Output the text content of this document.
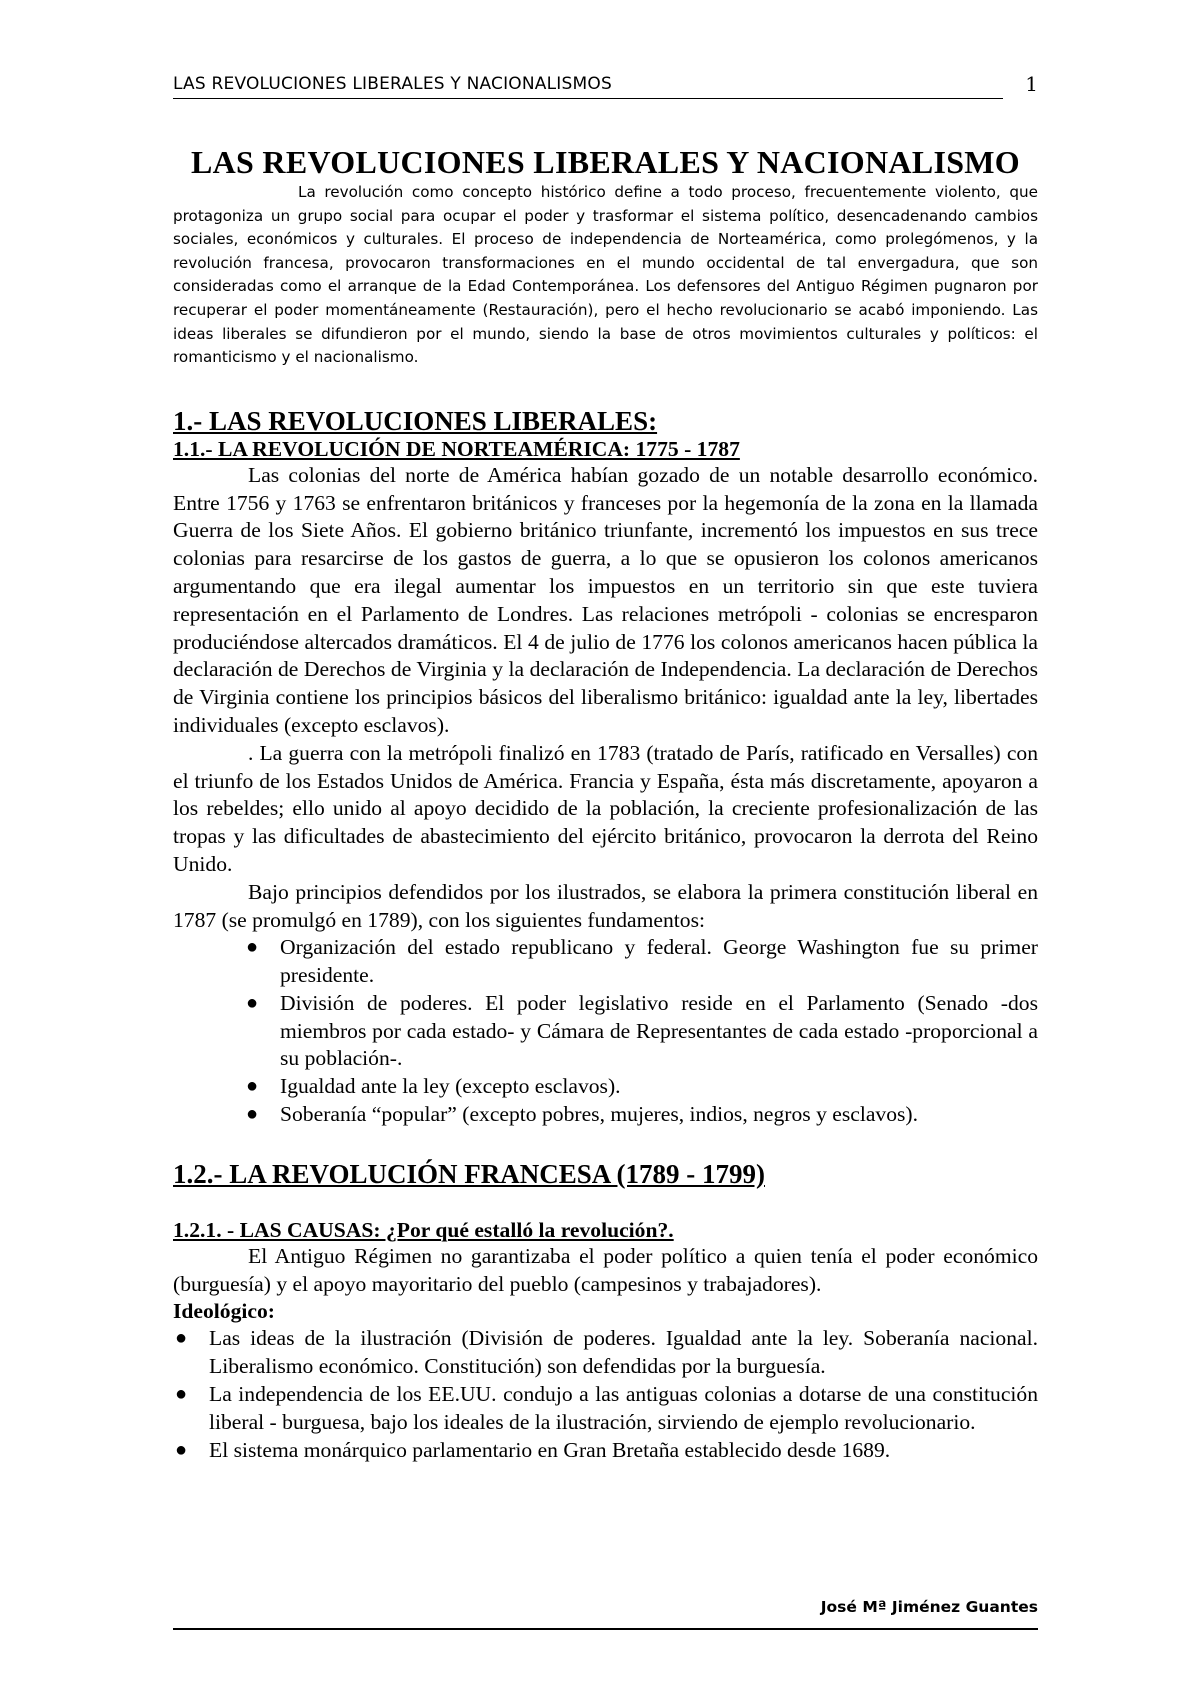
LAS REVOLUCIONES LIBERALES Y NACIONALISMOS	1
LAS REVOLUCIONES LIBERALES Y NACIONALISMO

La revolución como concepto histórico define a todo proceso, frecuentemente violento, que protagoniza un grupo social para ocupar el poder y trasformar el sistema político, desencadenando cambios sociales, económicos y culturales. El proceso de independencia de Norteamérica, como prolegómenos, y la revolución francesa, provocaron transformaciones en el mundo occidental de tal envergadura, que son consideradas como el arranque de la Edad Contemporánea. Los defensores del Antiguo Régimen pugnaron por recuperar el poder momentáneamente (Restauración), pero el hecho revolucionario se acabó imponiendo. Las ideas liberales se difundieron por el mundo, siendo la base de otros movimientos culturales y políticos: el romanticismo y el nacionalismo.

1.- LAS REVOLUCIONES LIBERALES:
1.1.- LA REVOLUCIÓN DE NORTEAMÉRICA: 1775 - 1787

Las colonias del norte de América habían gozado de un notable desarrollo económico. Entre 1756 y 1763 se enfrentaron británicos y franceses por la hegemonía de la zona en la llamada Guerra de los Siete Años. El gobierno británico triunfante, incrementó los impuestos en sus trece colonias para resarcirse de los gastos de guerra, a lo que se opusieron los colonos americanos argumentando que era ilegal aumentar los impuestos en un territorio sin que este tuviera representación en el Parlamento de Londres. Las relaciones metrópoli - colonias se encresparon produciéndose altercados dramáticos. El 4 de julio de 1776 los colonos americanos hacen pública la declaración de Derechos de Virginia y la declaración de Independencia. La declaración de Derechos de Virginia contiene los principios básicos del liberalismo británico: igualdad ante la ley, libertades individuales (excepto esclavos).

. La guerra con la metrópoli finalizó en 1783 (tratado de París, ratificado en Versalles) con el triunfo de los Estados Unidos de América. Francia y España, ésta más discretamente, apoyaron a los rebeldes; ello unido al apoyo decidido de la población, la creciente profesionalización de las tropas y las dificultades de abastecimiento del ejército británico, provocaron la derrota del Reino Unido.

Bajo principios defendidos por los ilustrados, se elabora la primera constitución liberal en 1787 (se promulgó en 1789), con los siguientes fundamentos:

● Organización del estado republicano y federal. George Washington fue su primer presidente.
● División de poderes. El poder legislativo reside en el Parlamento (Senado -dos miembros por cada estado- y Cámara de Representantes de cada estado -proporcional a su población-.
● Igualdad ante la ley (excepto esclavos).
● Soberanía “popular” (excepto pobres, mujeres, indios, negros y esclavos).
1.2.- LA REVOLUCIÓN FRANCESA (1789 - 1799)
1.2.1. - LAS CAUSAS: ¿Por qué estalló la revolución?.

El Antiguo Régimen no garantizaba el poder político a quien tenía el poder económico (burguesía) y el apoyo mayoritario del pueblo (campesinos y trabajadores).

Ideológico:
● Las ideas de la ilustración (División de poderes. Igualdad ante la ley. Soberanía nacional. Liberalismo económico. Constitución) son defendidas por la burguesía.
● La independencia de los EE.UU. condujo a las antiguas colonias a dotarse de una constitución liberal - burguesa, bajo los ideales de la ilustración, sirviendo de ejemplo revolucionario.
● El sistema monárquico parlamentario en Gran Bretaña establecido desde 1689.
José Mª Jiménez Guantes
